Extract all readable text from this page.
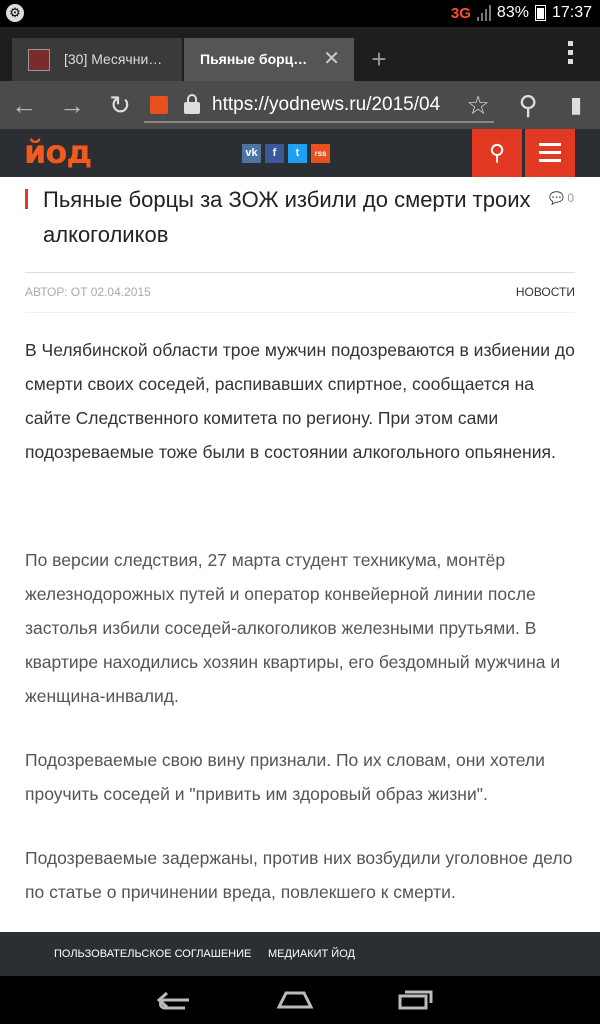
⚙	3G 83% 17:37
[30] Месячни…	Пьяные борц… ✕	+
← → ↻	https://yodnews.ru/2015/04	☆	⚲	▮
йод	vk	f	t	rss	⚲
Пьяные борцы за ЗОЖ избили до смерти троих алкоголиков
💬 0
АВТОР: ОТ 02.04.2015	НОВОСТИ

В Челябинской области трое мужчин подозреваются в избиении до смерти своих соседей, распивавших спиртное, сообщается на сайте Следственного комитета по региону. При этом сами подозреваемые тоже были в состоянии алкогольного опьянения.

По версии следствия, 27 марта студент техникума, монтёр железнодорожных путей и оператор конвейерной линии после застолья избили соседей-алкоголиков железными прутьями. В квартире находились хозяин квартиры, его бездомный мужчина и женщина-инвалид.

Подозреваемые свою вину признали. По их словам, они хотели проучить соседей и "привить им здоровый образ жизни".

Подозреваемые задержаны, против них возбудили уголовное дело по статье о причинении вреда, повлекшего к смерти.

ПОЛЬЗОВАТЕЛЬСКОЕ СОГЛАШЕНИЕ МЕДИАКИТ ЙОД
